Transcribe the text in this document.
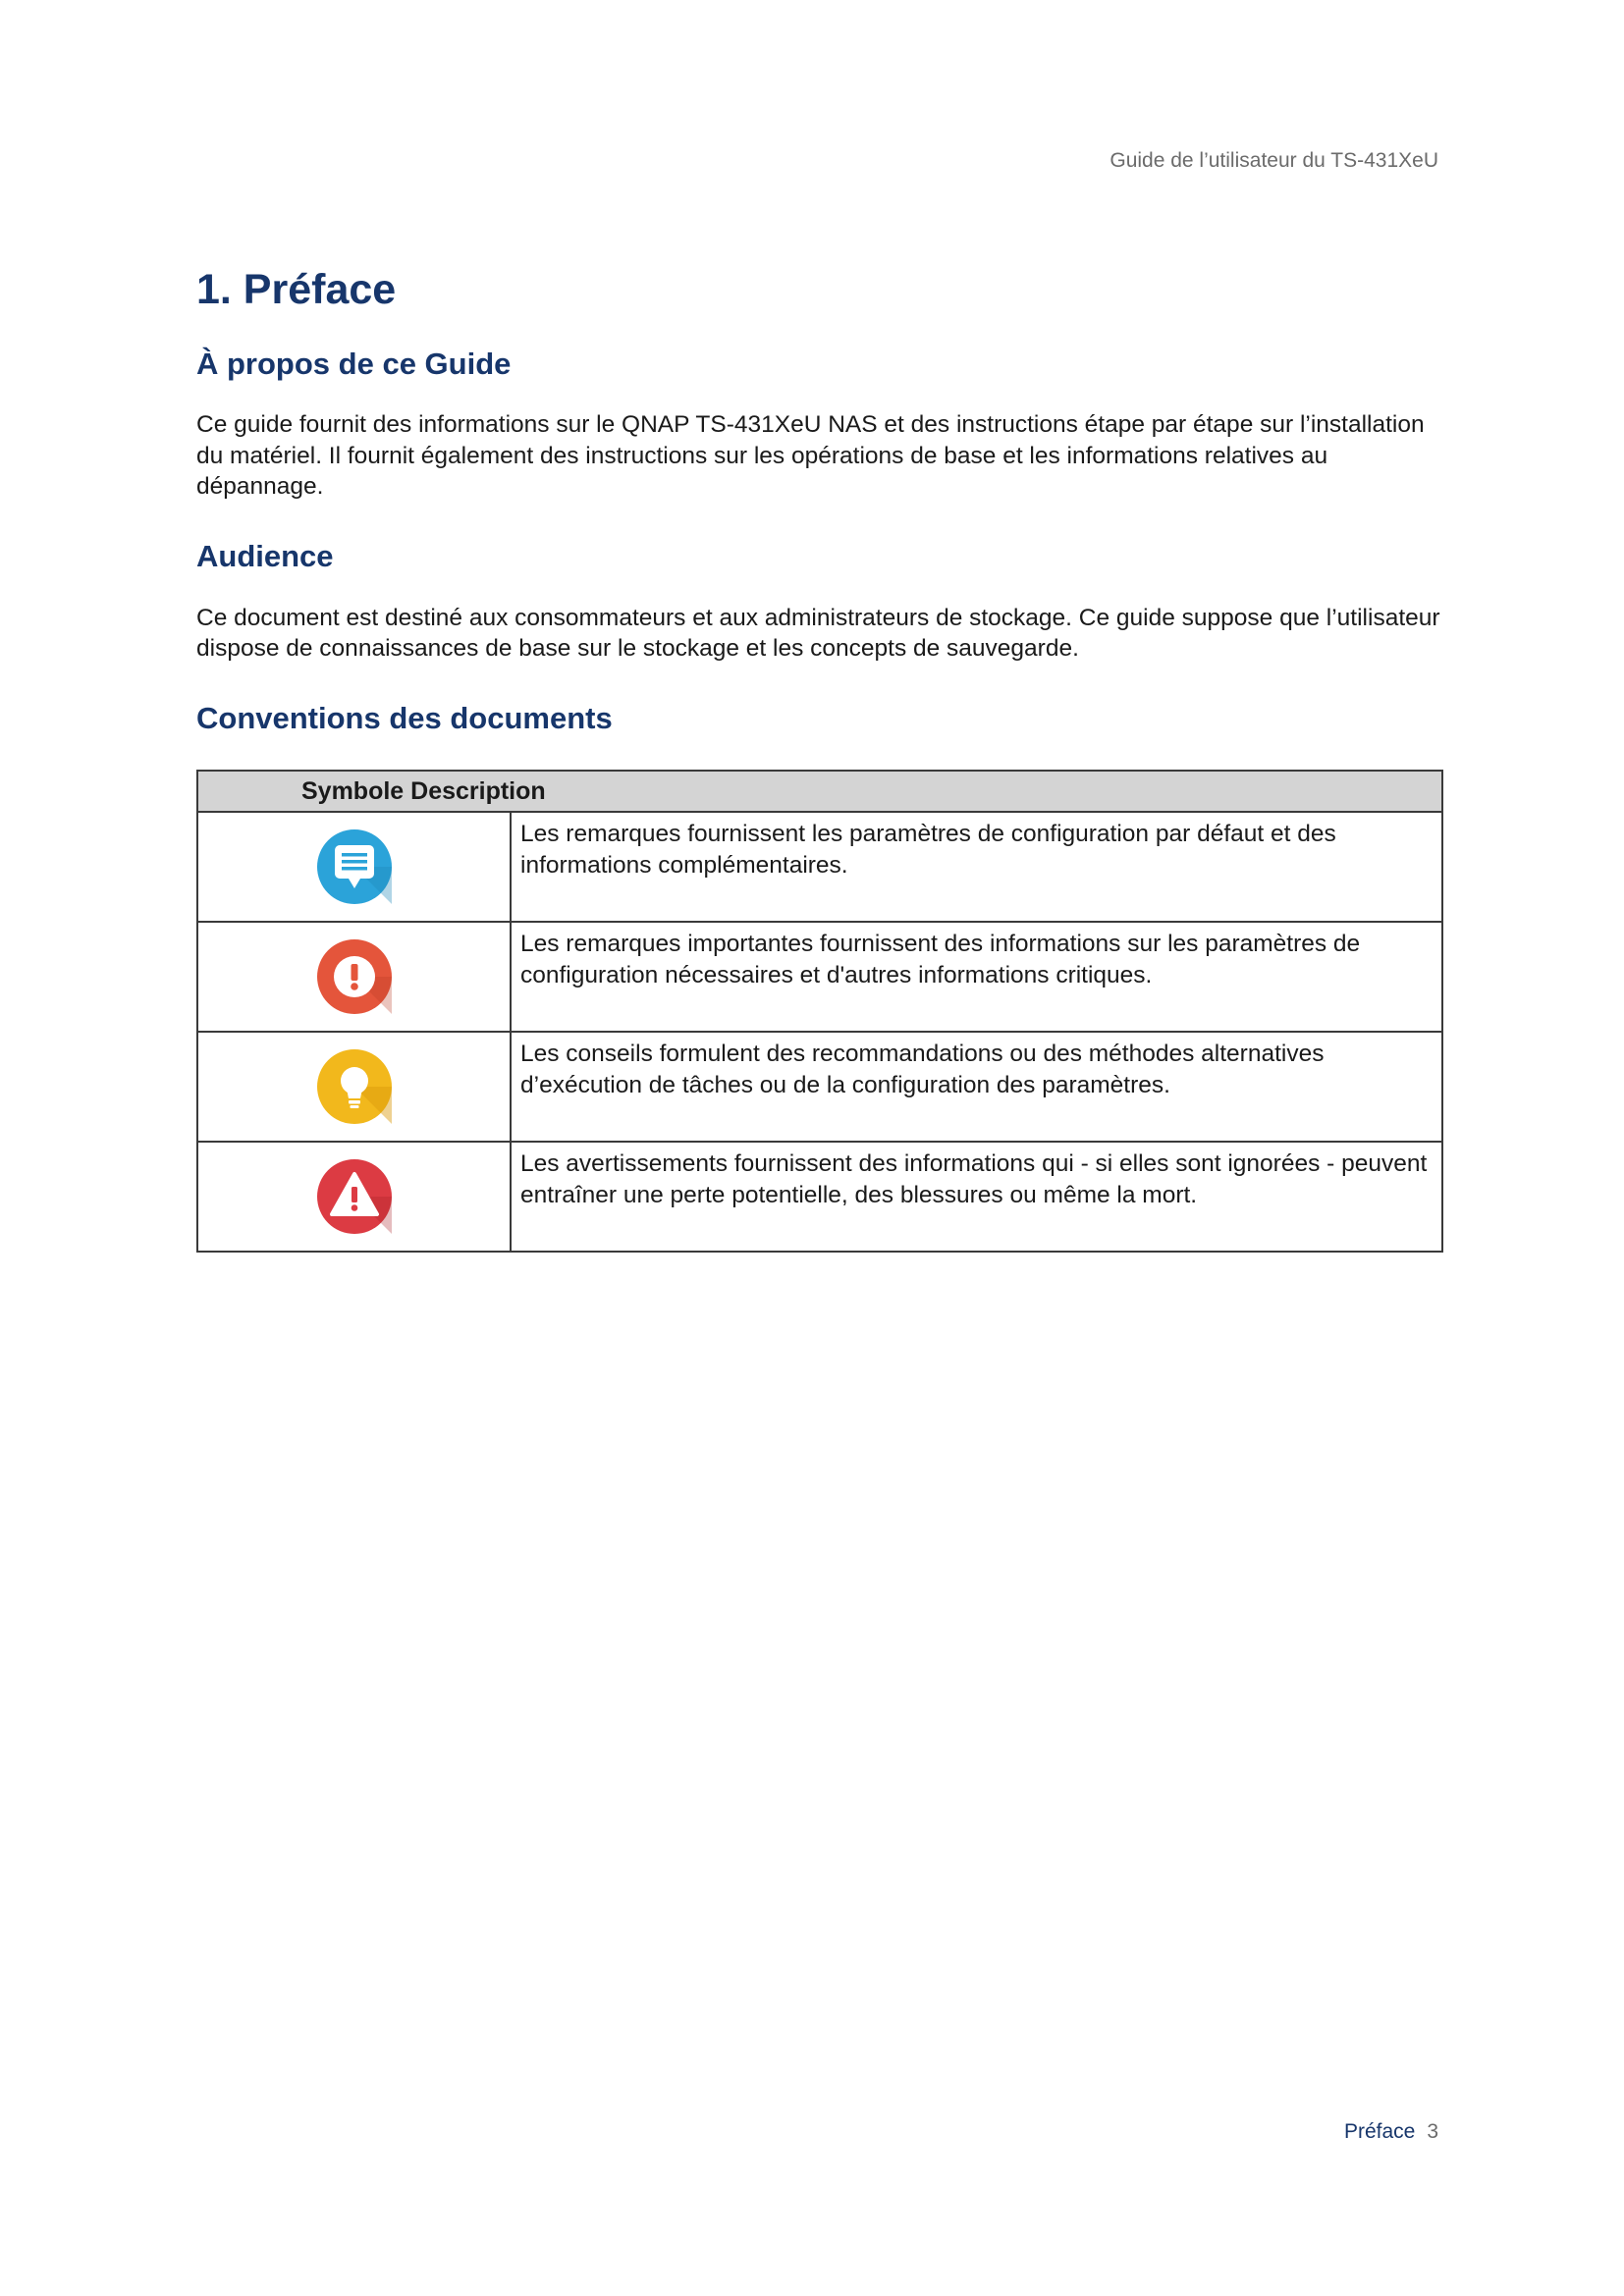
Guide de l’utilisateur du TS-431XeU
1. Préface
À propos de ce Guide

Ce guide fournit des informations sur le QNAP TS-431XeU NAS et des instructions étape par étape sur l’installation du matériel. Il fournit également des instructions sur les opérations de base et les informations relatives au dépannage.

Audience

Ce document est destiné aux consommateurs et aux administrateurs de stockage. Ce guide suppose que l’utilisateur dispose de connaissances de base sur le stockage et les concepts de sauvegarde.

Conventions des documents
Symbole Description	
	Les remarques fournissent les paramètres de configuration par défaut et des informations complémentaires.
	Les remarques importantes fournissent des informations sur les paramètres de configuration nécessaires et d'autres informations critiques.
	Les conseils formulent des recommandations ou des méthodes alternatives d’exécution de tâches ou de la configuration des paramètres.
	Les avertissements fournissent des informations qui - si elles sont ignorées - peuvent entraîner une perte potentielle, des blessures ou même la mort.
Préface 3
